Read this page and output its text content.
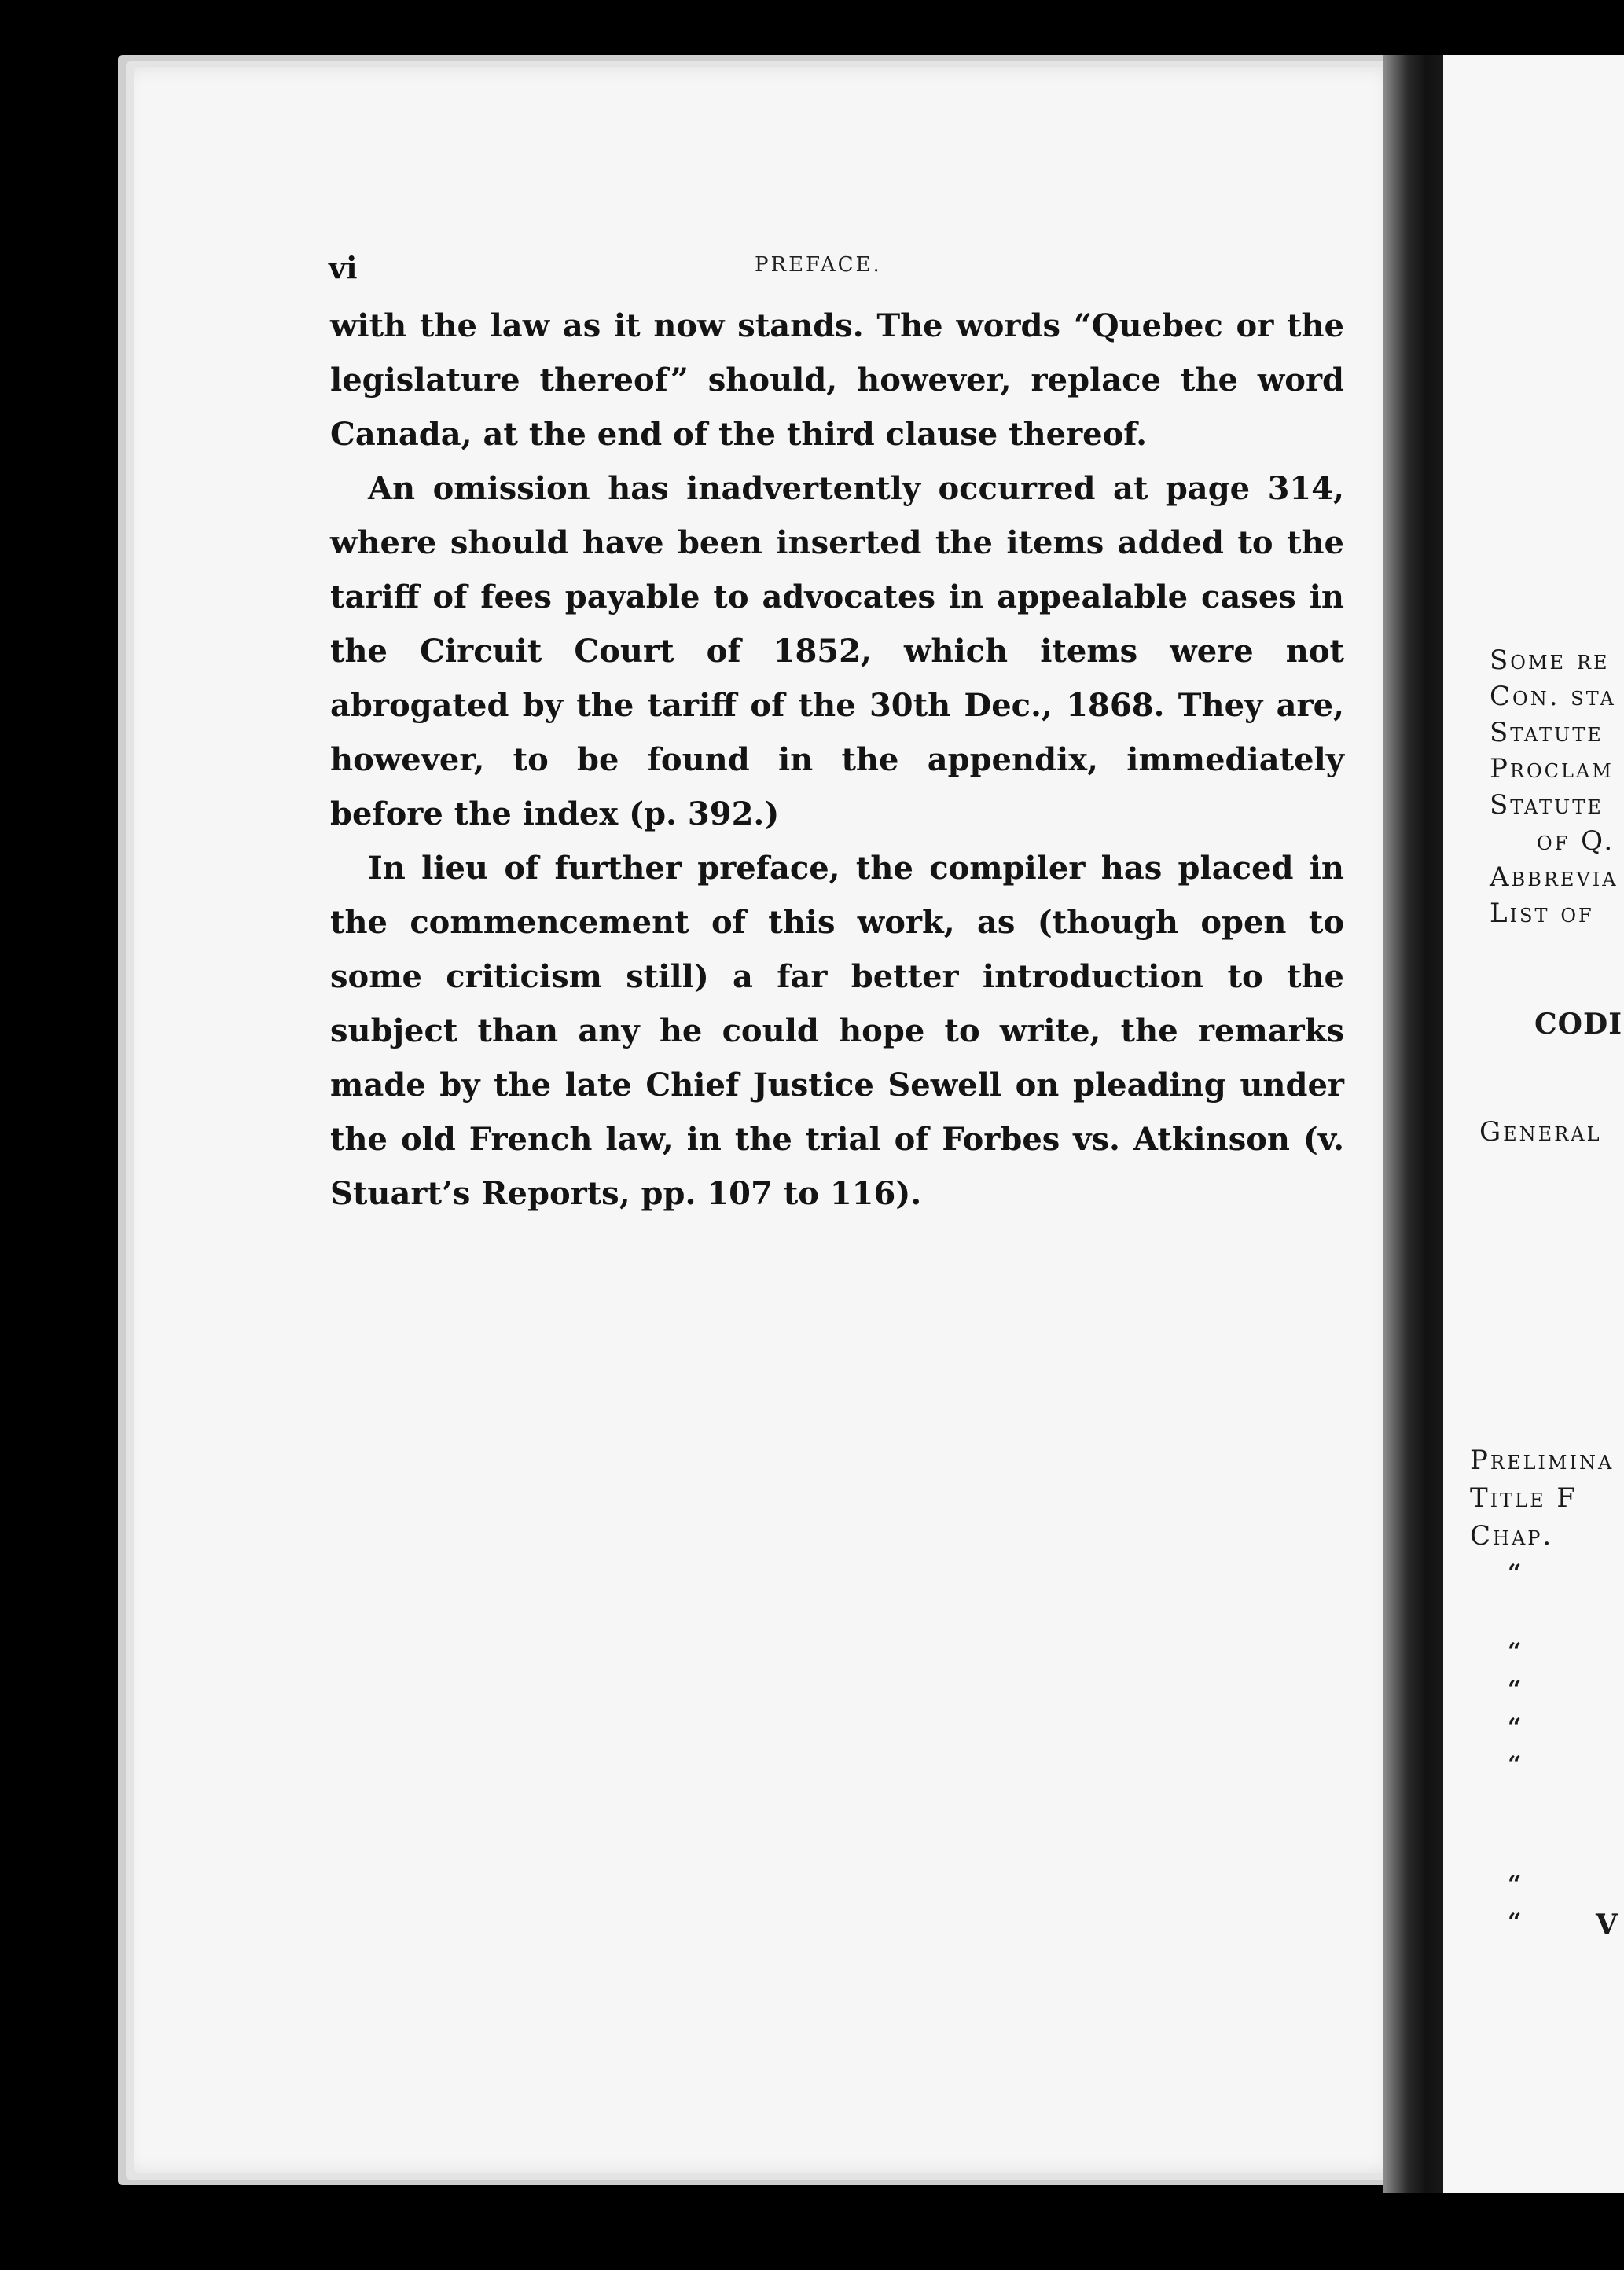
vi	PREFACE.

with the law as it now stands. The words “Quebec or the legislature thereof” should, however, replace the word Canada, at the end of the third clause thereof.

An omission has inadvertently occurred at page 314, where should have been inserted the items added to the tariff of fees payable to advocates in appealable cases in the Circuit Court of 1852, which items were not abrogated by the tariff of the 30th Dec., 1868. They are, however, to be found in the appendix, immediately before the index (p. 392.)

In lieu of further preface, the compiler has placed in the commencement of this work, as (though open to some criticism still) a far better introduction to the subject than any he could hope to write, the remarks made by the late Chief Justice Sewell on pleading under the old French law, in the trial of Forbes vs. Atkinson (v. Stuart’s Reports, pp. 107 to 116).

Some re
Con. sta
Statute
Proclam
Statute
of Q.
Abbrevia
List of
CODI
General
Prelimina
Title F
Chap.
“
“
“
“
“
“
“	V
